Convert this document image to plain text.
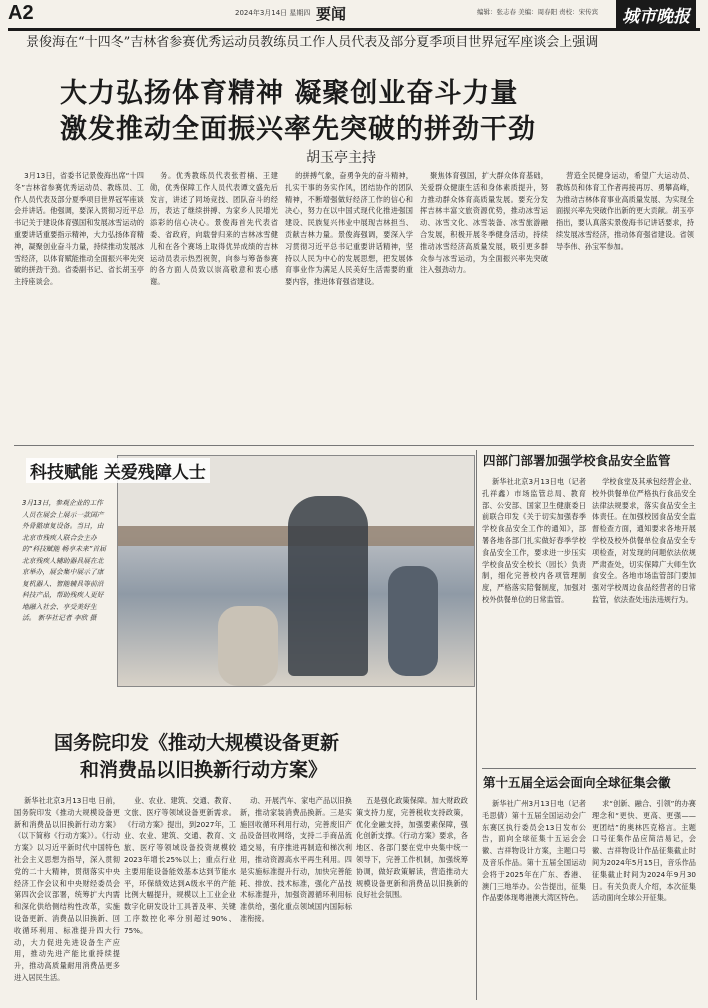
A2	2024年3月14日 星期四 要闻	编辑：张志春 美编：周春阳 责校：宋传宾	城市晚报
景俊海在“十四冬”吉林省参赛优秀运动员教练员工作人员代表及部分夏季项目世界冠军座谈会上强调
大力弘扬体育精神 凝聚创业奋斗力量
激发推动全面振兴率先突破的拼劲干劲
胡玉亭主持
3月13日，省委书记景俊海出席“十四冬”吉林省参赛优秀运动员、教练员、工作人员代表及部分夏季项目世界冠军座谈会并讲话。他强调，要深入贯彻习近平总书记关于建设体育强国和发展冰雪运动的重要讲话重要指示精神，大力弘扬体育精神，凝聚创业奋斗力量，持续推动发展冰雪经济，以体育赋能推动全面振兴率先突破的拼劲干劲。省委副书记、省长胡玉亭主持座谈会。
务。优秀教练员代表张哲楠、王建勋，优秀保障工作人员代表谭文盛先后发言，讲述了同场竞技、团队奋斗的经历，表达了继续拼搏、为家乡人民增光添彩的信心决心。景俊海首先代表省委、省政府，向载誉归来的吉林冰雪健儿和在各个赛场上取得优异成绩的吉林运动员表示热烈祝贺，向参与筹备参赛的各方面人员致以崇高敬意和衷心感谢。
的拼搏气象，奋勇争先的奋斗精神，扎实干事的务实作风，团结协作的团队精神，不断增强做好经济工作的信心和决心，努力在以中国式现代化推进强国建设、民族复兴伟业中展现吉林担当、贡献吉林力量。景俊海强调，要深入学习贯彻习近平总书记重要讲话精神，坚持以人民为中心的发展思想，把发展体育事业作为满足人民美好生活需要的重要内容，推进体育强省建设。
聚焦体育强国，扩大群众体育基础，关爱群众健康生活和身体素质提升，努力推动群众体育高质量发展。要充分发挥吉林丰富文旅资源优势，推动冰雪运动、冰雪文化、冰雪装备、冰雪旅游融合发展，积极开展冬季健身活动，持续推动冰雪经济高质量发展，吸引更多群众参与冰雪运动，为全面振兴率先突破注入强劲动力。
营造全民健身运动，希望广大运动员、教练员和体育工作者再接再厉、勇攀高峰，为推动吉林体育事业高质量发展、为实现全面振兴率先突破作出新的更大贡献。胡玉亭指出，要认真落实景俊海书记讲话要求，持续发展冰雪经济，推动体育强省建设。省领导李伟、孙宝军参加。
科技赋能 关爱残障人士
3月13日，参观企业的工作人员在展会上展示一款国产外骨骼康复设备。当日，由北京市残疾人联合会主办的“科技赋能 畅享未来”首届北京残疾人辅助器具展在北京举办，展会集中展示了康复机器人、智能辅具等前沿科技产品，帮助残疾人更好地融入社会、享受美好生活。 新华社记者 李欣 摄
国务院印发《推动大规模设备更新
和消费品以旧换新行动方案》
新华社北京3月13日电 日前，国务院印发《推动大规模设备更新和消费品以旧换新行动方案》（以下简称《行动方案》）。《行动方案》以习近平新时代中国特色社会主义思想为指导，深入贯彻党的二十大精神，贯彻落实中央经济工作会议和中央财经委员会第四次会议部署，统筹扩大内需和深化供给侧结构性改革，实施设备更新、消费品以旧换新、回收循环利用、标准提升四大行动，大力促进先进设备生产应用，推动先进产能比重持续提升，推动高质量耐用消费品更多进入居民生活。
业、农业、建筑、交通、教育、文旅、医疗等领域设备更新需求。《行动方案》提出，到2027年，工业、农业、建筑、交通、教育、文旅、医疗等领域设备投资规模较2023年增长25%以上；重点行业主要用能设备能效基本达到节能水平，环保绩效达到A级水平的产能比例大幅提升，规模以上工业企业数字化研发设计工具普及率、关键工序数控化率分别超过90%、75%。
动、开展汽车、家电产品以旧换新，推动家装消费品换新。三是实施回收循环利用行动，完善废旧产品设备回收网络，支持二手商品流通交易，有序推进再制造和梯次利用，推动资源高水平再生利用。四是实施标准提升行动，加快完善能耗、排放、技术标准，强化产品技术标准提升，加强资源循环利用标准供给，强化重点领域国内国际标准衔接。
五是强化政策保障。加大财政政策支持力度，完善税收支持政策，优化金融支持，加强要素保障，强化创新支撑。《行动方案》要求，各地区、各部门要在党中央集中统一领导下，完善工作机制，加强统筹协调，做好政策解读，营造推动大规模设备更新和消费品以旧换新的良好社会氛围。
四部门部署加强学校食品安全监管
新华社北京3月13日电（记者孔祥鑫）市场监管总局、教育部、公安部、国家卫生健康委日前联合印发《关于切实加强春季学校食品安全工作的通知》，部署各地各部门扎实做好春季学校食品安全工作，要求进一步压实学校食品安全校长（园长）负责制，细化完善校内各项管理制度，严格落实陪餐制度，加强对校外供餐单位的日常监管。
学校食堂及其承包经营企业、校外供餐单位严格执行食品安全法律法规要求，落实食品安全主体责任。在加强校园食品安全监督检查方面，通知要求各地开展学校及校外供餐单位食品安全专项检查，对发现的问题依法依规严肃查处，切实保障广大师生饮食安全。各地市场监管部门要加强对学校周边食品经营者的日常监管，依法查处违法违规行为。
第十五届全运会面向全球征集会徽
新华社广州3月13日电（记者毛思倩）第十五届全国运动会广东赛区执行委员会13日发布公告，面向全球征集十五运会会徽、吉祥物设计方案，主题口号及音乐作品。第十五届全国运动会将于2025年在广东、香港、澳门三地举办。公告提出，征集作品要体现粤港澳大湾区特色。
求“创新、融合、引领”的办赛理念和“更快、更高、更强——更团结”的奥林匹克格言。主题口号征集作品应简洁易记，会徽、吉祥物设计作品征集截止时间为2024年5月15日，音乐作品征集截止时间为2024年9月30日。有关负责人介绍，本次征集活动面向全球公开征集。
